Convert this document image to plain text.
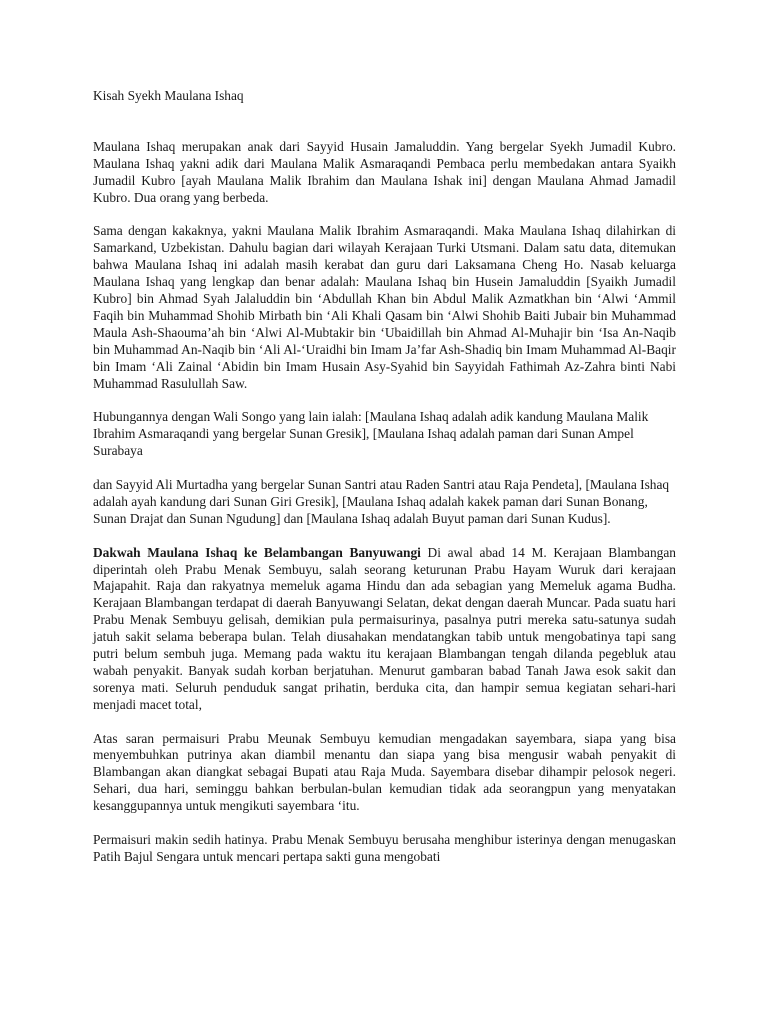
Kisah Syekh Maulana Ishaq

Maulana Ishaq merupakan anak dari Sayyid Husain Jamaluddin. Yang bergelar Syekh Jumadil Kubro. Maulana Ishaq yakni adik dari Maulana Malik Asmaraqandi Pembaca perlu membedakan antara Syaikh Jumadil Kubro [ayah Maulana Malik Ibrahim dan Maulana Ishak ini] dengan Maulana Ahmad Jamadil Kubro. Dua orang yang berbeda.

Sama dengan kakaknya, yakni Maulana Malik Ibrahim Asmaraqandi. Maka Maulana Ishaq dilahirkan di Samarkand, Uzbekistan. Dahulu bagian dari wilayah Kerajaan Turki Utsmani. Dalam satu data, ditemukan bahwa Maulana Ishaq ini adalah masih kerabat dan guru dari Laksamana Cheng Ho. Nasab keluarga Maulana Ishaq yang lengkap dan benar adalah: Maulana Ishaq bin Husein Jamaluddin [Syaikh Jumadil Kubro] bin Ahmad Syah Jalaluddin bin ‘Abdullah Khan bin Abdul Malik Azmatkhan bin ‘Alwi ‘Ammil Faqih bin Muhammad Shohib Mirbath bin ‘Ali Khali Qasam bin ‘Alwi Shohib Baiti Jubair bin Muhammad Maula Ash-Shaouma’ah bin ‘Alwi Al-Mubtakir bin ‘Ubaidillah bin Ahmad Al-Muhajir bin ‘Isa An-Naqib bin Muhammad An-Naqib bin ‘Ali Al-‘Uraidhi bin Imam Ja’far Ash-Shadiq bin Imam Muhammad Al-Baqir bin Imam ‘Ali Zainal ‘Abidin bin Imam Husain Asy-Syahid bin Sayyidah Fathimah Az-Zahra binti Nabi Muhammad Rasulullah Saw.

Hubungannya dengan Wali Songo yang lain ialah: [Maulana Ishaq adalah adik kandung Maulana Malik Ibrahim Asmaraqandi yang bergelar Sunan Gresik], [Maulana Ishaq adalah paman dari Sunan Ampel Surabaya

dan Sayyid Ali Murtadha yang bergelar Sunan Santri atau Raden Santri atau Raja Pendeta], [Maulana Ishaq adalah ayah kandung dari Sunan Giri Gresik], [Maulana Ishaq adalah kakek paman dari Sunan Bonang, Sunan Drajat dan Sunan Ngudung] dan [Maulana Ishaq adalah Buyut paman dari Sunan Kudus].

Dakwah Maulana Ishaq ke Belambangan Banyuwangi Di awal abad 14 M. Kerajaan Blambangan diperintah oleh Prabu Menak Sembuyu, salah seorang keturunan Prabu Hayam Wuruk dari kerajaan Majapahit. Raja dan rakyatnya memeluk agama Hindu dan ada sebagian yang Memeluk agama Budha. Kerajaan Blambangan terdapat di daerah Banyuwangi Selatan, dekat dengan daerah Muncar. Pada suatu hari Prabu Menak Sembuyu gelisah, demikian pula permaisurinya, pasalnya putri mereka satu-satunya sudah jatuh sakit selama beberapa bulan. Telah diusahakan mendatangkan tabib untuk mengobatinya tapi sang putri belum sembuh juga. Memang pada waktu itu kerajaan Blambangan tengah dilanda pegebluk atau wabah penyakit. Banyak sudah korban berjatuhan. Menurut gambaran babad Tanah Jawa esok sakit dan sorenya mati. Seluruh penduduk sangat prihatin, berduka cita, dan hampir semua kegiatan sehari-hari menjadi macet total,

Atas saran permaisuri Prabu Meunak Sembuyu kemudian mengadakan sayembara, siapa yang bisa menyembuhkan putrinya akan diambil menantu dan siapa yang bisa mengusir wabah penyakit di Blambangan akan diangkat sebagai Bupati atau Raja Muda. Sayembara disebar dihampir pelosok negeri. Sehari, dua hari, seminggu bahkan berbulan-bulan kemudian tidak ada seorangpun yang menyatakan kesanggupannya untuk mengikuti sayembara ‘itu.

Permaisuri makin sedih hatinya. Prabu Menak Sembuyu berusaha menghibur isterinya dengan menugaskan Patih Bajul Sengara untuk mencari pertapa sakti guna mengobati
